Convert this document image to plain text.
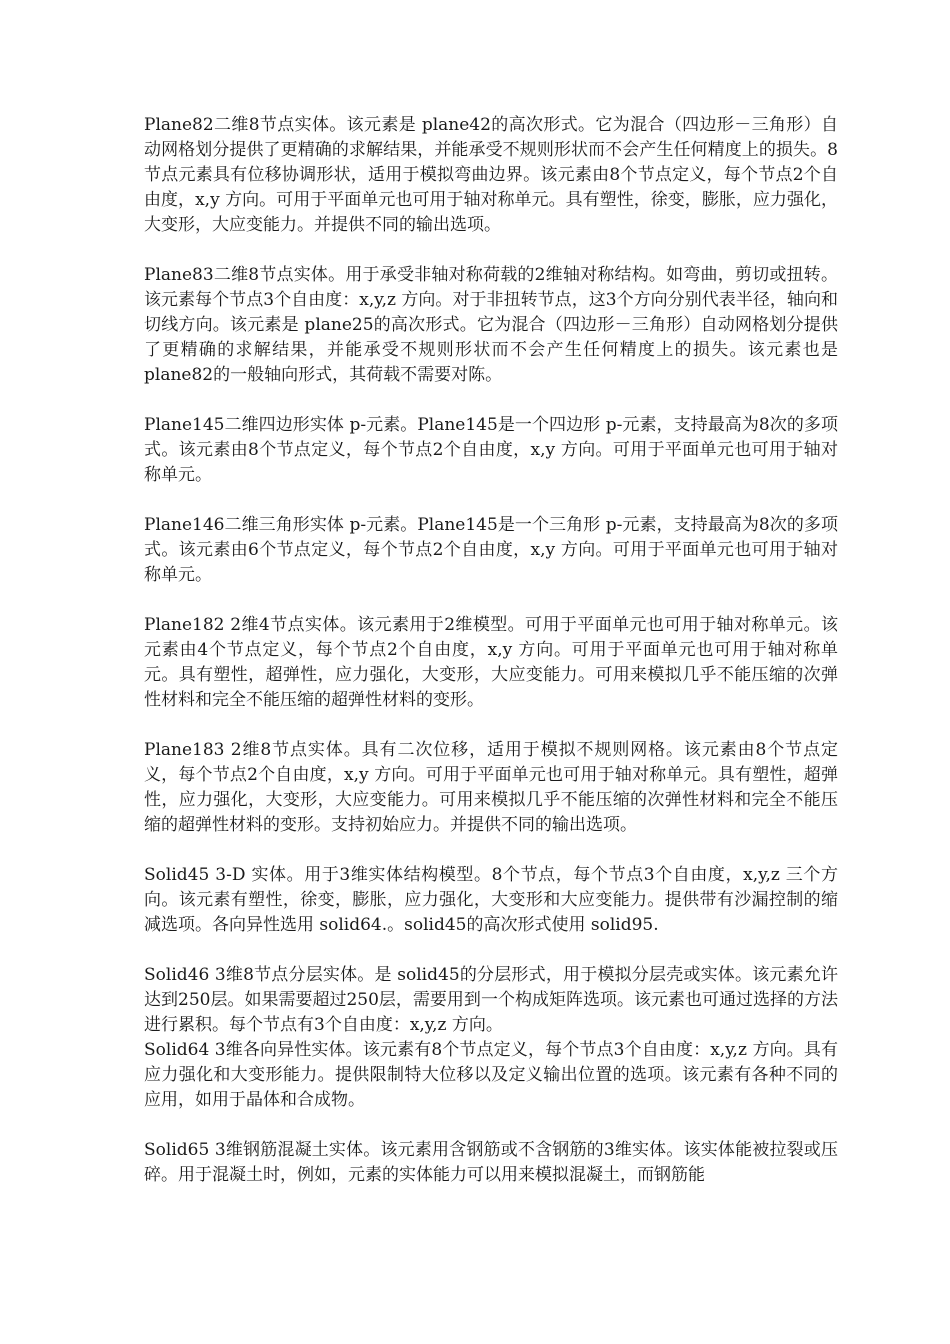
Plane82二维8节点实体。该元素是 plane42的高次形式。它为混合（四边形－三角形）自动网格划分提供了更精确的求解结果，并能承受不规则形状而不会产生任何精度上的损失。8节点元素具有位移协调形状，适用于模拟弯曲边界。该元素由8个节点定义，每个节点2个自由度，x,y 方向。可用于平面单元也可用于轴对称单元。具有塑性，徐变，膨胀，应力强化，大变形，大应变能力。并提供不同的输出选项。

Plane83二维8节点实体。用于承受非轴对称荷载的2维轴对称结构。如弯曲，剪切或扭转。该元素每个节点3个自由度：x,y,z 方向。对于非扭转节点，这3个方向分别代表半径，轴向和切线方向。该元素是 plane25的高次形式。它为混合（四边形－三角形）自动网格划分提供了更精确的求解结果，并能承受不规则形状而不会产生任何精度上的损失。该元素也是 plane82的一般轴向形式，其荷载不需要对陈。

Plane145二维四边形实体 p-元素。Plane145是一个四边形 p-元素，支持最高为8次的多项式。该元素由8个节点定义，每个节点2个自由度，x,y 方向。可用于平面单元也可用于轴对称单元。

Plane146二维三角形实体 p-元素。Plane145是一个三角形 p-元素，支持最高为8次的多项式。该元素由6个节点定义，每个节点2个自由度，x,y 方向。可用于平面单元也可用于轴对称单元。

Plane182 2维4节点实体。该元素用于2维模型。可用于平面单元也可用于轴对称单元。该元素由4个节点定义，每个节点2个自由度，x,y 方向。可用于平面单元也可用于轴对称单元。具有塑性，超弹性，应力强化，大变形，大应变能力。可用来模拟几乎不能压缩的次弹性材料和完全不能压缩的超弹性材料的变形。

Plane183 2维8节点实体。具有二次位移，适用于模拟不规则网格。该元素由8个节点定义，每个节点2个自由度，x,y 方向。可用于平面单元也可用于轴对称单元。具有塑性，超弹性，应力强化，大变形，大应变能力。可用来模拟几乎不能压缩的次弹性材料和完全不能压缩的超弹性材料的变形。支持初始应力。并提供不同的输出选项。

Solid45 3-D 实体。用于3维实体结构模型。8个节点，每个节点3个自由度，x,y,z 三个方向。该元素有塑性，徐变，膨胀，应力强化，大变形和大应变能力。提供带有沙漏控制的缩减选项。各向异性选用 solid64.。solid45的高次形式使用 solid95.

Solid46 3维8节点分层实体。是 solid45的分层形式，用于模拟分层壳或实体。该元素允许达到250层。如果需要超过250层，需要用到一个构成矩阵选项。该元素也可通过选择的方法进行累积。每个节点有3个自由度：x,y,z 方向。

Solid64 3维各向异性实体。该元素有8个节点定义，每个节点3个自由度：x,y,z 方向。具有应力强化和大变形能力。提供限制特大位移以及定义输出位置的选项。该元素有各种不同的应用，如用于晶体和合成物。

Solid65 3维钢筋混凝土实体。该元素用含钢筋或不含钢筋的3维实体。该实体能被拉裂或压碎。用于混凝土时，例如，元素的实体能力可以用来模拟混凝土，而钢筋能
